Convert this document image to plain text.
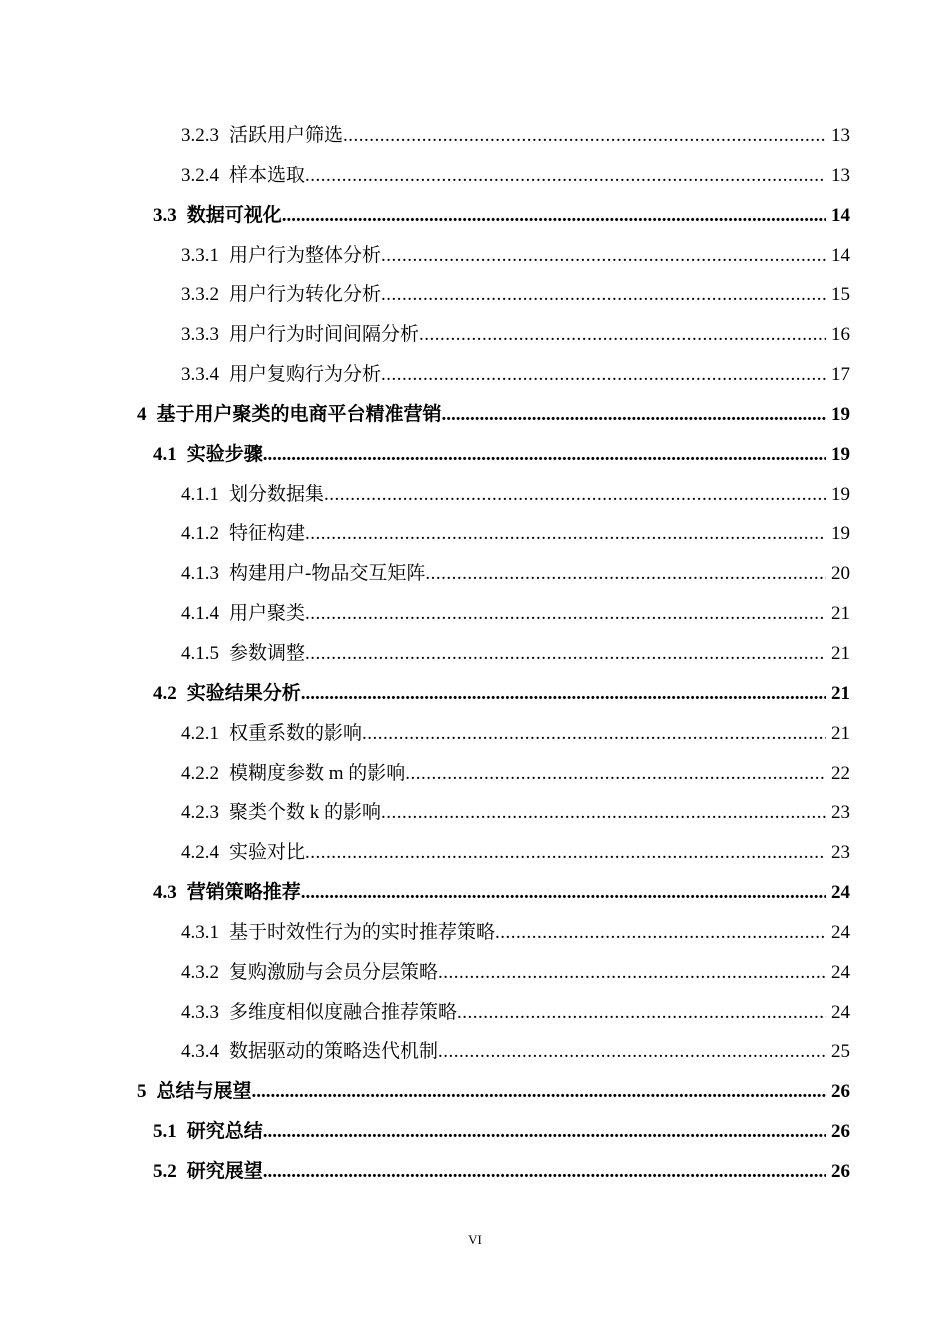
3.2.3 活跃用户筛选 .....	13
3.2.4 样本选取 .....	13
3.3 数据可视化 .....	14
3.3.1 用户行为整体分析 .....	14
3.3.2 用户行为转化分析 .....	15
3.3.3 用户行为时间间隔分析 .....	16
3.3.4 用户复购行为分析 .....	17
4 基于用户聚类的电商平台精准营销 .....	19
4.1 实验步骤 .....	19
4.1.1 划分数据集 .....	19
4.1.2 特征构建 .....	19
4.1.3 构建用户-物品交互矩阵 .....	20
4.1.4 用户聚类 .....	21
4.1.5 参数调整 .....	21
4.2 实验结果分析 .....	21
4.2.1 权重系数的影响 .....	21
4.2.2 模糊度参数 m 的影响 .....	22
4.2.3 聚类个数 k 的影响 .....	23
4.2.4 实验对比 .....	23
4.3 营销策略推荐 .....	24
4.3.1 基于时效性行为的实时推荐策略 .....	24
4.3.2 复购激励与会员分层策略 .....	24
4.3.3 多维度相似度融合推荐策略 .....	24
4.3.4 数据驱动的策略迭代机制 .....	25
5 总结与展望 .....	26
5.1 研究总结 .....	26
5.2 研究展望 .....	26
VI
